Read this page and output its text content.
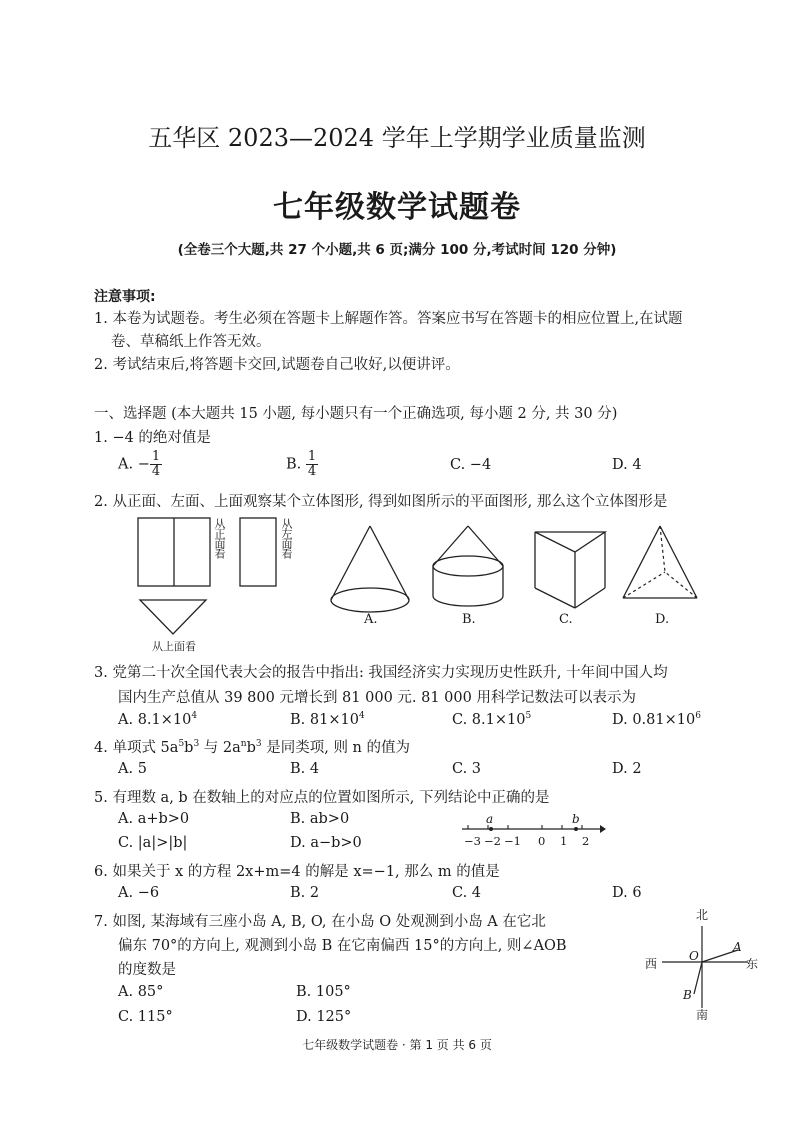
五华区 2023—2024 学年上学期学业质量监测
七年级数学试题卷
(全卷三个大题,共 27 个小题,共 6 页;满分 100 分,考试时间 120 分钟)
注意事项:
1. 本卷为试题卷。考生必须在答题卡上解题作答。答案应书写在答题卡的相应位置上,在试题
卷、草稿纸上作答无效。
2. 考试结束后,将答题卡交回,试题卷自己收好,以便讲评。
一、选择题 (本大题共 15 小题, 每小题只有一个正确选项, 每小题 2 分, 共 30 分)
1. −4 的绝对值是
A. − $\frac{1}{4}$	B. $\frac{1}{4}$	C. −4	D. 4
2. 从正面、左面、上面观察某个立体图形, 得到如图所示的平面图形, 那么这个立体图形是
从正面看	从左面看
从上面看
A.	B.	C.	D.
3. 党第二十次全国代表大会的报告中指出: 我国经济实力实现历史性跃升, 十年间中国人均
国内生产总值从 39 800 元增长到 81 000 元. 81 000 用科学记数法可以表示为
A. $8.1\times 10^4$	B. $81\times 10^4$	C. $8.1\times 10^5$	D. $0.81\times 10^6$
4. 单项式 $5a^5b^3$ 与 $2a^nb^3$ 是同类项, 则 n 的值为
A. 5	B. 4	C. 3	D. 2
5. 有理数 a, b 在数轴上的对应点的位置如图所示, 下列结论中正确的是
A. a+b>0	B. ab>0
C. |a|>|b|	D. a−b>0
a	b
−3 −2 −1 0 1 2
6. 如果关于 x 的方程 2x+m=4 的解是 x=−1, 那么 m 的值是
A. −6	B. 2	C. 4	D. 6
7. 如图, 某海域有三座小岛 A, B, O, 在小岛 O 处观测到小岛 A 在它北
偏东 70°的方向上, 观测到小岛 B 在它南偏西 15°的方向上, 则∠AOB
的度数是
A. 85°	B. 105°
C. 115°	D. 125°
北
南
东
西
O
A
B
七年级数学试题卷 · 第 1 页 共 6 页
